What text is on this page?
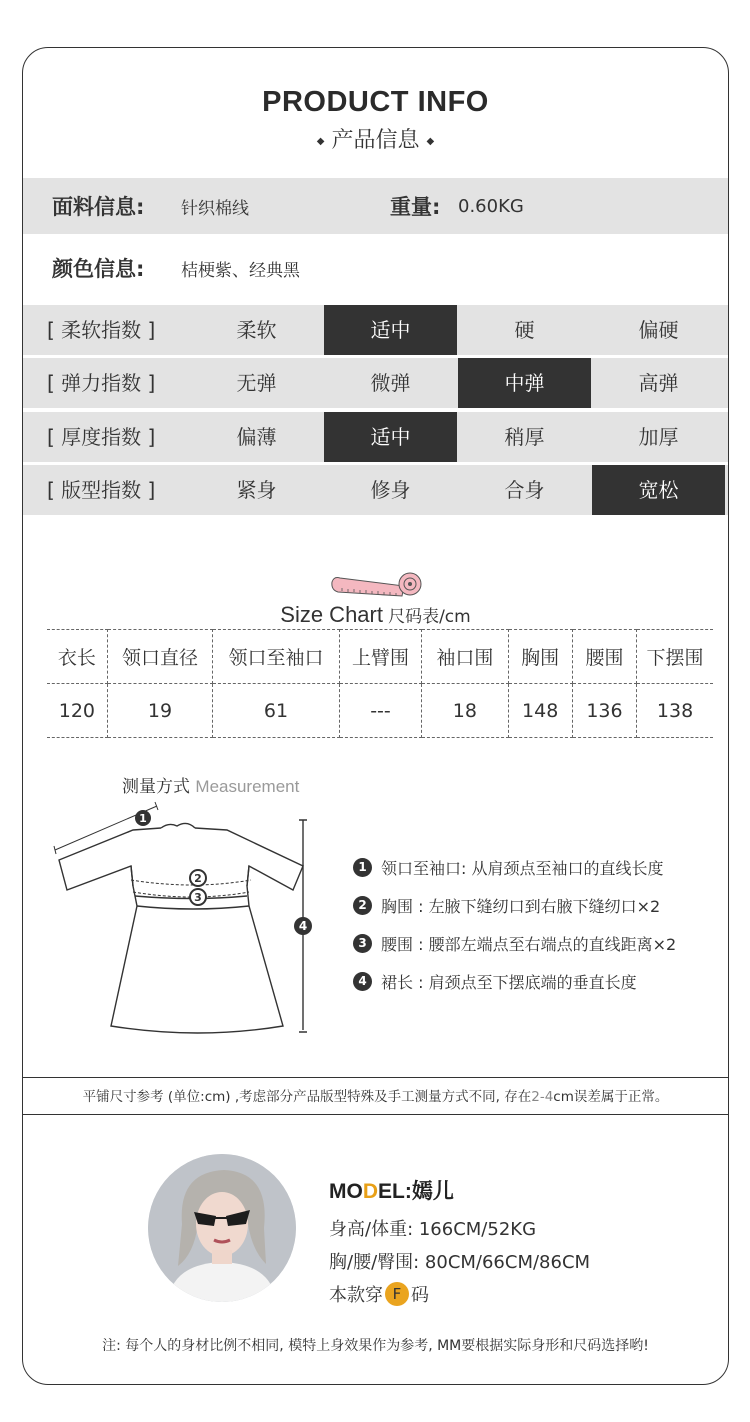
PRODUCT INFO
◆ 产品信息 ◆
面料信息: 针织棉线	重量: 0.60KG
颜色信息: 桔梗紫、经典黑
[ 柔软指数 ]	柔软	适中	硬	偏硬
[ 弹力指数 ]	无弹	微弹	中弹	高弹
[ 厚度指数 ]	偏薄	适中	稍厚	加厚
[ 版型指数 ]	紧身	修身	合身	宽松
Size Chart 尺码表/cm
衣长	领口直径	领口至袖口	上臂围	袖口围	胸围	腰围	下摆围
120	19	61	---	18	148	136	138
测量方式 Measurement
1
2
3
4
1 领口至袖口: 从肩颈点至袖口的直线长度
2 胸围 : 左腋下缝纫口到右腋下缝纫口×2
3 腰围 : 腰部左端点至右端点的直线距离×2
4 裙长 : 肩颈点至下摆底端的垂直长度
平铺尺寸参考 (单位:cm) ,考虑部分产品版型特殊及手工测量方式不同, 存在2-4cm误差属于正常。
MODEL:嫣儿
身高/体重: 166CM/52KG
胸/腰/臀围: 80CM/66CM/86CM
本款穿 F 码
注: 每个人的身材比例不相同, 模特上身效果作为参考, MM要根据实际身形和尺码选择哟!
